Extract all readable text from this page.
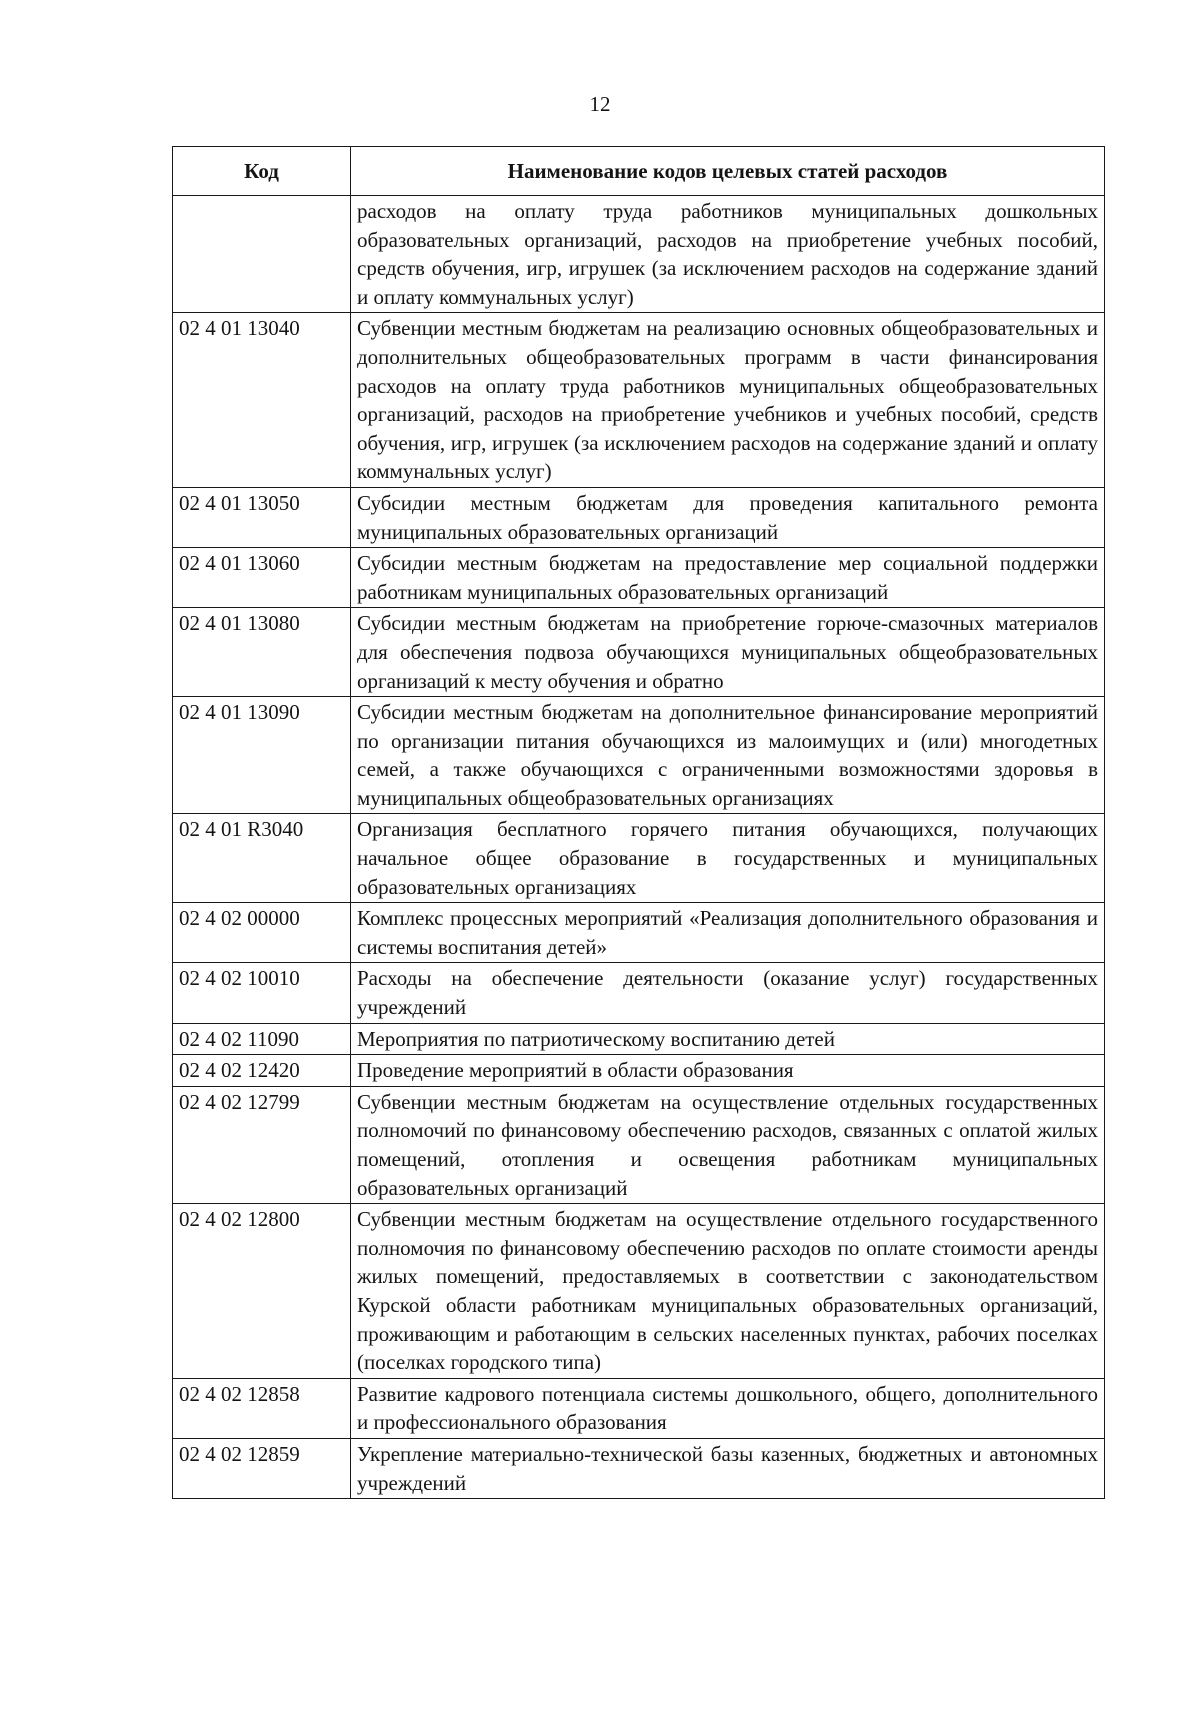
12
Код	Наименование кодов целевых статей расходов
	расходов на оплату труда работников муниципальных дошкольных образовательных организаций, расходов на приобретение учебных пособий, средств обучения, игр, игрушек (за исключением расходов на содержание зданий и оплату коммунальных услуг)
02 4 01 13040	Субвенции местным бюджетам на реализацию основных общеобразовательных и дополнительных общеобразовательных программ в части финансирования расходов на оплату труда работников муниципальных общеобразовательных организаций, расходов на приобретение учебников и учебных пособий, средств обучения, игр, игрушек (за исключением расходов на содержание зданий и оплату коммунальных услуг)
02 4 01 13050	Субсидии местным бюджетам для проведения капитального ремонта муниципальных образовательных организаций
02 4 01 13060	Субсидии местным бюджетам на предоставление мер социальной поддержки работникам муниципальных образовательных организаций
02 4 01 13080	Субсидии местным бюджетам на приобретение горюче-смазочных материалов для обеспечения подвоза обучающихся муниципальных общеобразовательных организаций к месту обучения и обратно
02 4 01 13090	Субсидии местным бюджетам на дополнительное финансирование мероприятий по организации питания обучающихся из малоимущих и (или) многодетных семей, а также обучающихся с ограниченными возможностями здоровья в муниципальных общеобразовательных организациях
02 4 01 R3040	Организация бесплатного горячего питания обучающихся, получающих начальное общее образование в государственных и муниципальных образовательных организациях
02 4 02 00000	Комплекс процессных мероприятий «Реализация дополнительного образования и системы воспитания детей»
02 4 02 10010	Расходы на обеспечение деятельности (оказание услуг) государственных учреждений
02 4 02 11090	Мероприятия по патриотическому воспитанию детей
02 4 02 12420	Проведение мероприятий в области образования
02 4 02 12799	Субвенции местным бюджетам на осуществление отдельных государственных полномочий по финансовому обеспечению расходов, связанных с оплатой жилых помещений, отопления и освещения работникам муниципальных образовательных организаций
02 4 02 12800	Субвенции местным бюджетам на осуществление отдельного государственного полномочия по финансовому обеспечению расходов по оплате стоимости аренды жилых помещений, предоставляемых в соответствии с законодательством Курской области работникам муниципальных образовательных организаций, проживающим и работающим в сельских населенных пунктах, рабочих поселках (поселках городского типа)
02 4 02 12858	Развитие кадрового потенциала системы дошкольного, общего, дополнительного и профессионального образования
02 4 02 12859	Укрепление материально-технической базы казенных, бюджетных и автономных учреждений
